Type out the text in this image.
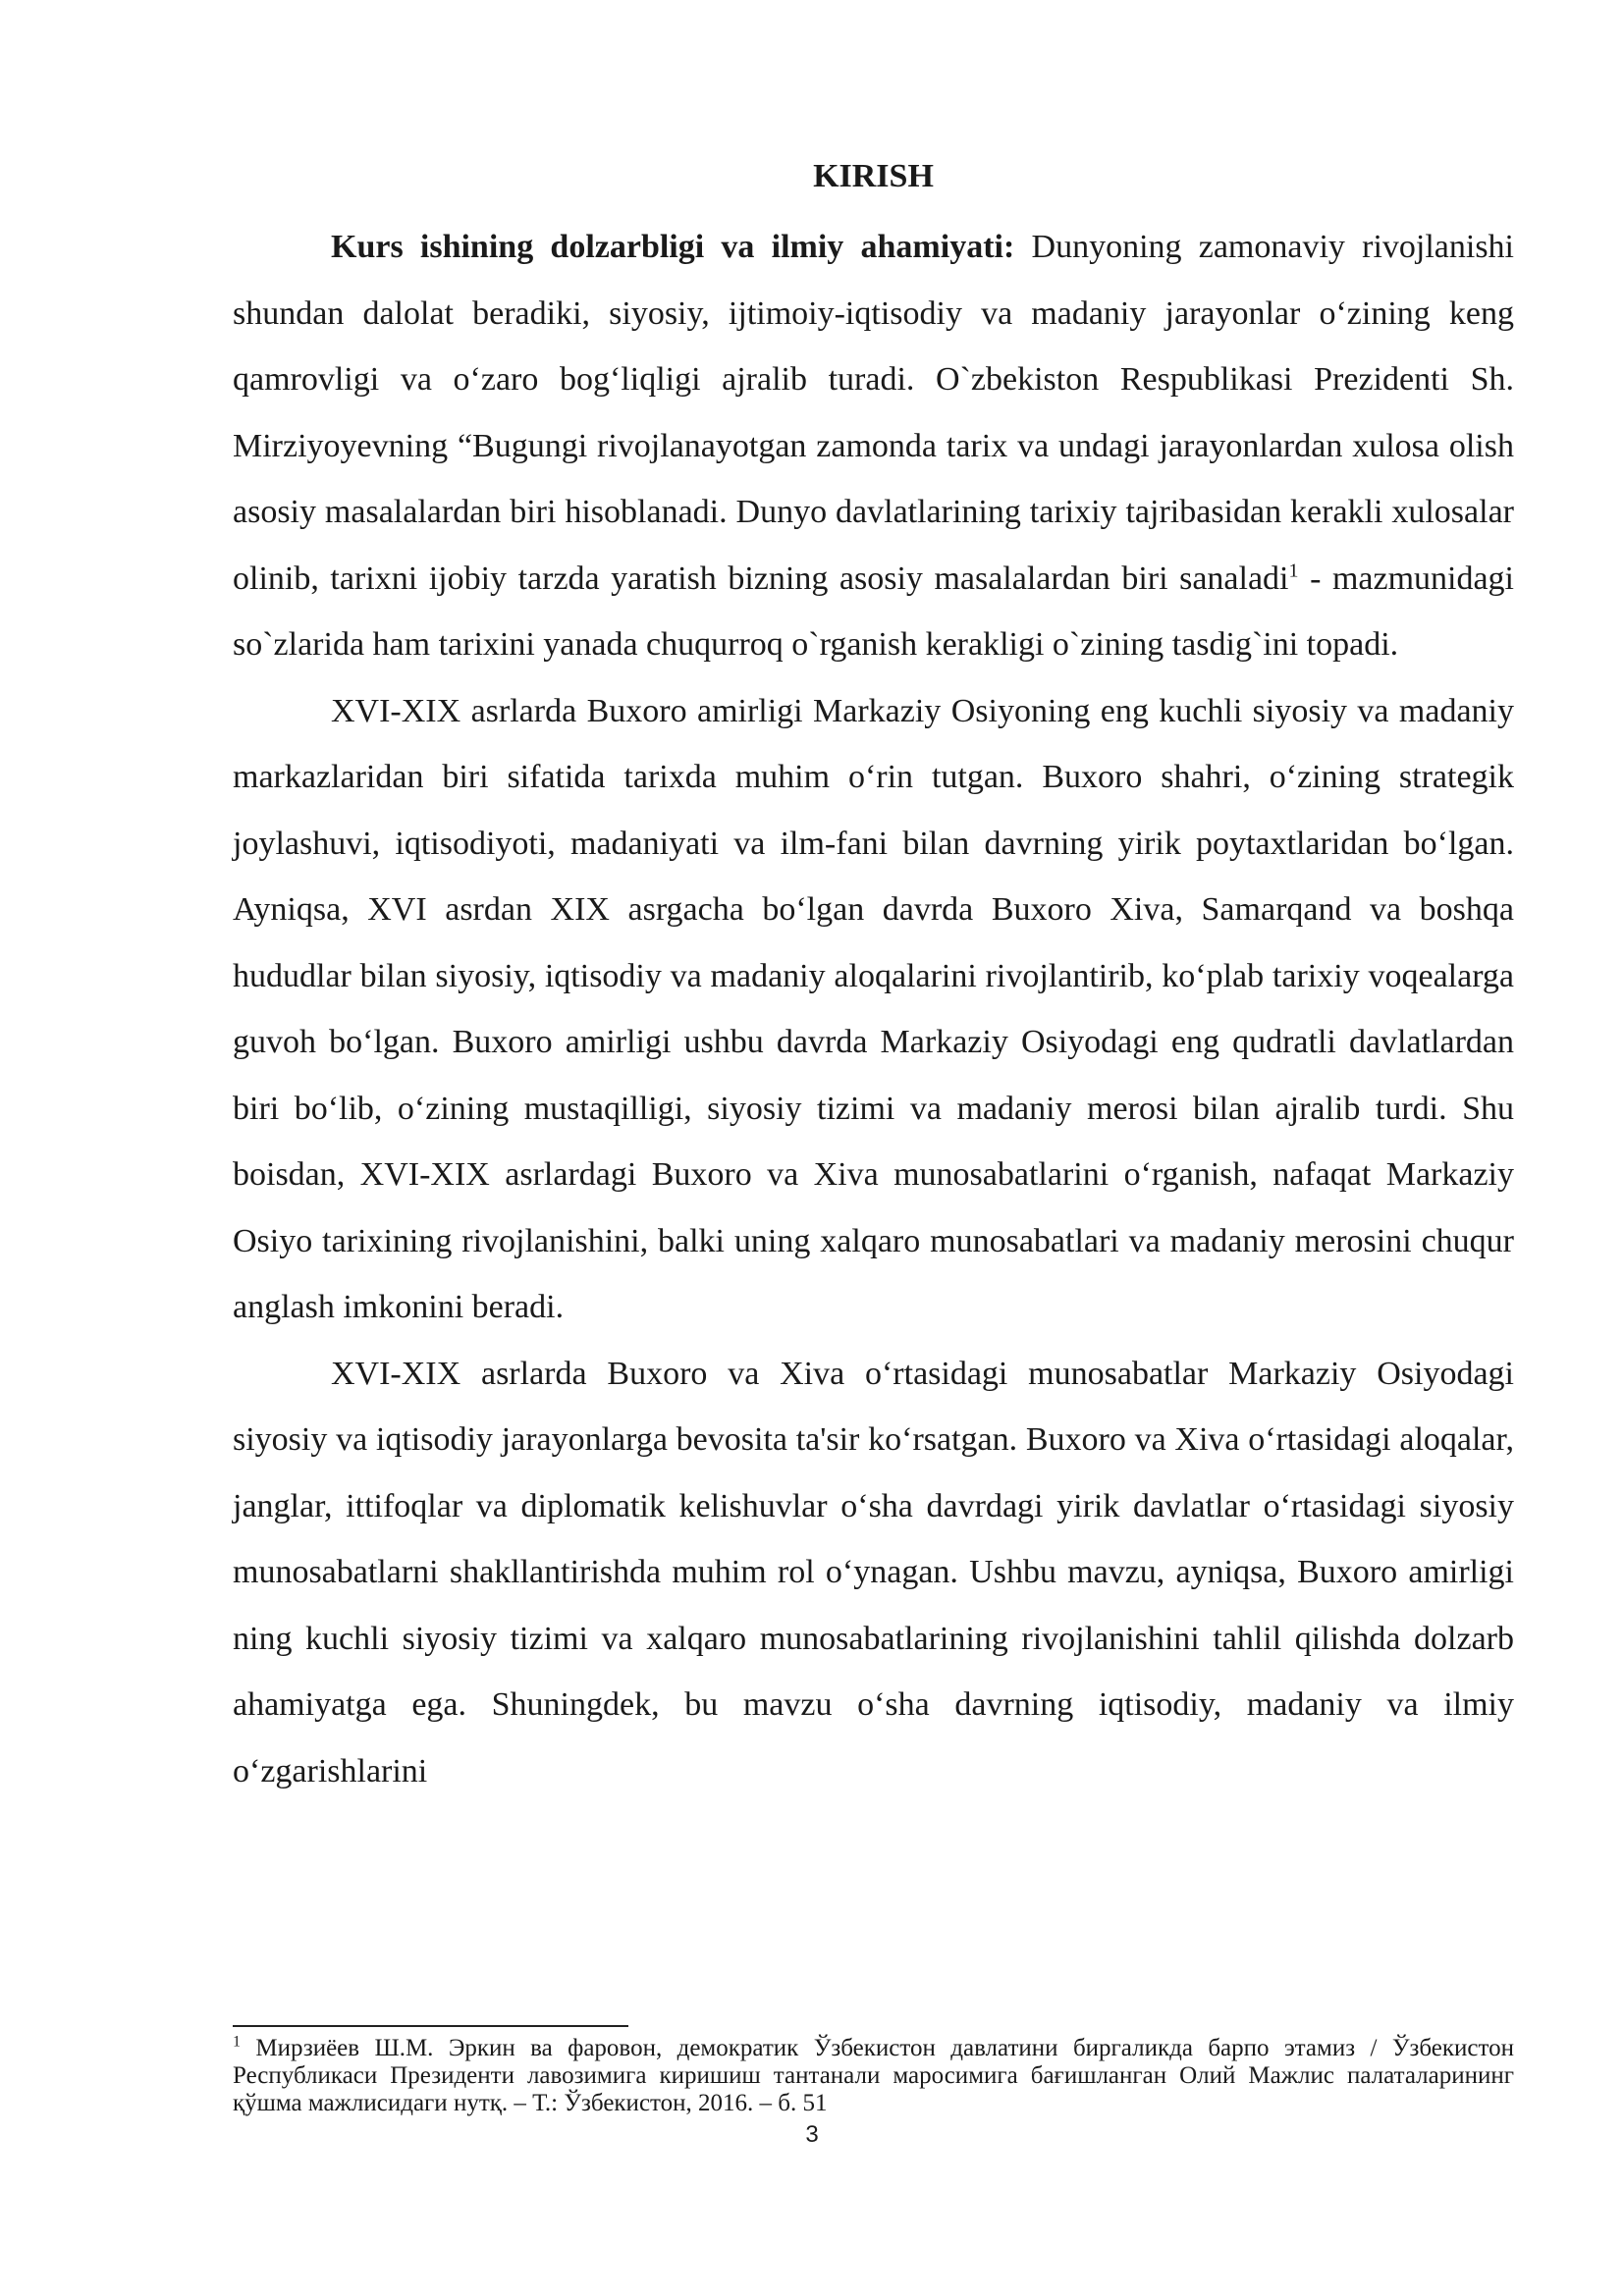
KIRISH

Kurs ishining dolzarbligi va ilmiy ahamiyati: Dunyoning zamonaviy rivojlanishi shundan dalolat beradiki, siyosiy, ijtimoiy-iqtisodiy va madaniy jarayonlar o‘zining keng qamrovligi va o‘zaro bog‘liqligi ajralib turadi. O`zbekiston Respublikasi Prezidenti Sh. Mirziyoyevning “Bugungi rivojlanayotgan zamonda tarix va undagi jarayonlardan xulosa olish asosiy masalalardan biri hisoblanadi. Dunyo davlatlarining tarixiy tajribasidan kerakli xulosalar olinib, tarixni ijobiy tarzda yaratish bizning asosiy masalalardan biri sanaladi$^1$ - mazmunidagi so`zlarida ham tarixini yanada chuqurroq o`rganish kerakligi o`zining tasdig`ini topadi.

XVI-XIX asrlarda Buxoro amirligi Markaziy Osiyoning eng kuchli siyosiy va madaniy markazlaridan biri sifatida tarixda muhim o‘rin tutgan. Buxoro shahri, o‘zining strategik joylashuvi, iqtisodiyoti, madaniyati va ilm-fani bilan davrning yirik poytaxtlaridan bo‘lgan. Ayniqsa, XVI asrdan XIX asrgacha bo‘lgan davrda Buxoro Xiva, Samarqand va boshqa hududlar bilan siyosiy, iqtisodiy va madaniy aloqalarini rivojlantirib, ko‘plab tarixiy voqealarga guvoh bo‘lgan. Buxoro amirligi ushbu davrda Markaziy Osiyodagi eng qudratli davlatlardan biri bo‘lib, o‘zining mustaqilligi, siyosiy tizimi va madaniy merosi bilan ajralib turdi. Shu boisdan, XVI-XIX asrlardagi Buxoro va Xiva munosabatlarini o‘rganish, nafaqat Markaziy Osiyo tarixining rivojlanishini, balki uning xalqaro munosabatlari va madaniy merosini chuqur anglash imkonini beradi.

XVI-XIX asrlarda Buxoro va Xiva o‘rtasidagi munosabatlar Markaziy Osiyodagi siyosiy va iqtisodiy jarayonlarga bevosita ta'sir ko‘rsatgan. Buxoro va Xiva o‘rtasidagi aloqalar, janglar, ittifoqlar va diplomatik kelishuvlar o‘sha davrdagi yirik davlatlar o‘rtasidagi siyosiy munosabatlarni shakllantirishda muhim rol o‘ynagan. Ushbu mavzu, ayniqsa, Buxoro amirligi ning kuchli siyosiy tizimi va xalqaro munosabatlarining rivojlanishini tahlil qilishda dolzarb ahamiyatga ega. Shuningdek, bu mavzu o‘sha davrning iqtisodiy, madaniy va ilmiy o‘zgarishlarini

$^1$ Мирзиёев Ш.М. Эркин ва фаровон, демократик Ўзбекистон давлатини биргаликда барпо этамиз / Ўзбекистон Республикаси Президенти лавозимига киришиш тантанали маросимига бағишланган Олий Мажлис палаталарининг қўшма мажлисидаги нутқ. – Т.: Ўзбекистон, 2016. – б. 51

3
